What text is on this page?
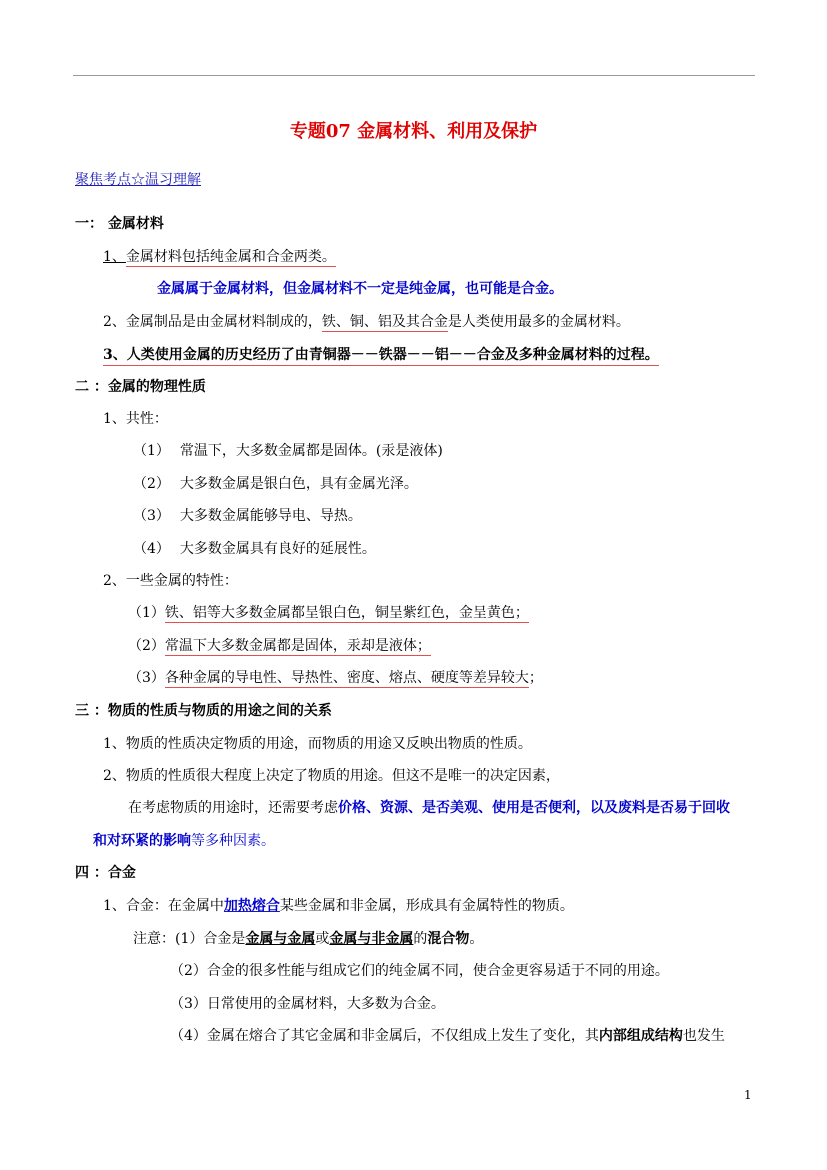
专题07 金属材料、利用及保护
聚焦考点☆温习理解
一： 金属材料
1、金属材料包括纯金属和合金两类。
金属属于金属材料，但金属材料不一定是纯金属，也可能是合金。
2、金属制品是由金属材料制成的，铁、铜、铝及其合金是人类使用最多的金属材料。
3、人类使用金属的历史经历了由青铜器－－铁器－－铝－－合金及多种金属材料的过程。
二 ：金属的物理性质
1、共性：
（1） 常温下，大多数金属都是固体。(汞是液体)
（2） 大多数金属是银白色，具有金属光泽。
（3） 大多数金属能够导电、导热。
（4） 大多数金属具有良好的延展性。
2、一些金属的特性：
（1）铁、铝等大多数金属都呈银白色，铜呈紫红色，金呈黄色；
（2）常温下大多数金属都是固体，汞却是液体；
（3）各种金属的导电性、导热性、密度、熔点、硬度等差异较大；
三 ：物质的性质与物质的用途之间的关系
1、物质的性质决定物质的用途，而物质的用途又反映出物质的性质。
2、物质的性质很大程度上决定了物质的用途。但这不是唯一的决定因素，
在考虑物质的用途时，还需要考虑价格、资源、是否美观、使用是否便利，以及废料是否易于回收
和对环紧的影响等多种因素。
四 ：合金
1、合金：在金属中加热熔合某些金属和非金属，形成具有金属特性的物质。
注意：(1）合金是金属与金属或金属与非金属的混合物。
（2）合金的很多性能与组成它们的纯金属不同，使合金更容易适于不同的用途。
（3）日常使用的金属材料，大多数为合金。
（4）金属在熔合了其它金属和非金属后，不仅组成上发生了变化，其内部组成结构也发生
1
